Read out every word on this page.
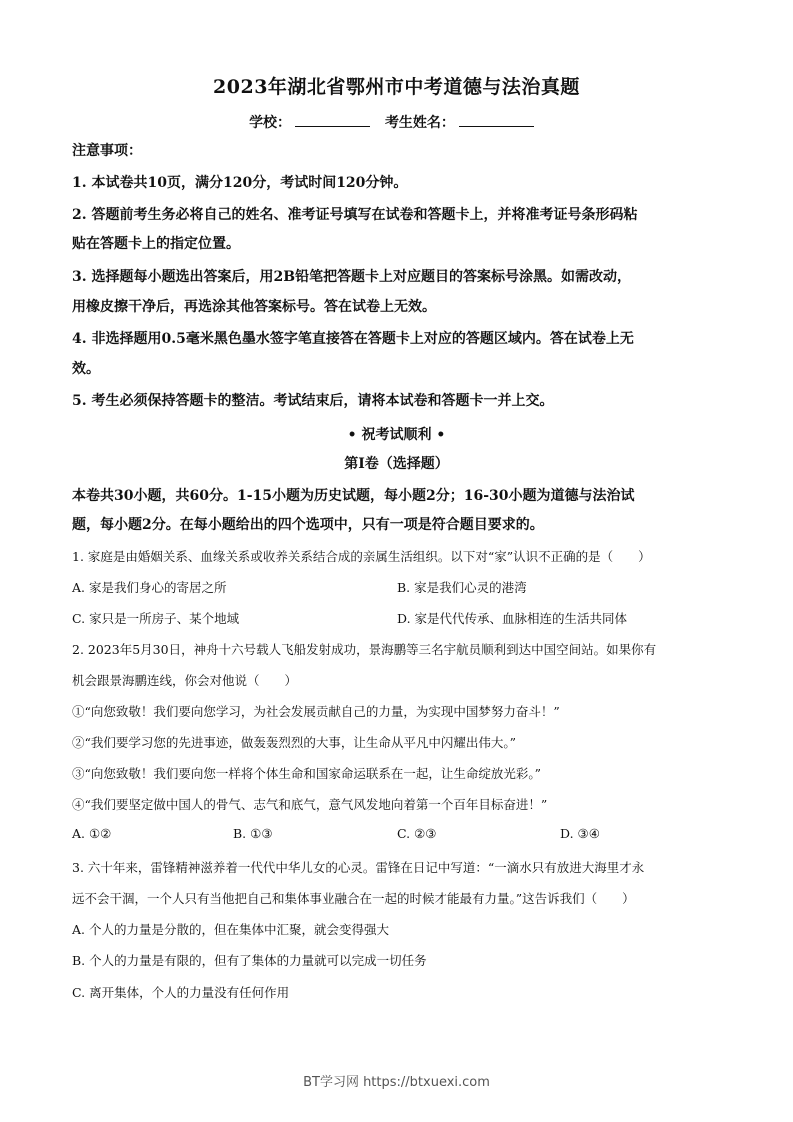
2023年湖北省鄂州市中考道德与法治真题
学校：	考生姓名：
注意事项：
1. 本试卷共10页，满分120分，考试时间120分钟。
2. 答题前考生务必将自己的姓名、准考证号填写在试卷和答题卡上，并将准考证号条形码粘
贴在答题卡上的指定位置。
3. 选择题每小题选出答案后，用2B铅笔把答题卡上对应题目的答案标号涂黑。如需改动，
用橡皮擦干净后，再选涂其他答案标号。答在试卷上无效。
4. 非选择题用0.5毫米黑色墨水签字笔直接答在答题卡上对应的答题区域内。答在试卷上无
效。
5. 考生必须保持答题卡的整洁。考试结束后，请将本试卷和答题卡一并上交。
• 祝考试顺利 •
第Ⅰ卷（选择题）
本卷共30小题，共60分。1-15小题为历史试题，每小题2分；16-30小题为道德与法治试
题，每小题2分。在每小题给出的四个选项中，只有一项是符合题目要求的。
1. 家庭是由婚姻关系、血缘关系或收养关系结合成的亲属生活组织。以下对“家”认识不正确的是（　　）
A. 家是我们身心的寄居之所	B. 家是我们心灵的港湾
C. 家只是一所房子、某个地域	D. 家是代代传承、血脉相连的生活共同体
2. 2023年5月30日，神舟十六号载人飞船发射成功，景海鹏等三名宇航员顺利到达中国空间站。如果你有
机会跟景海鹏连线，你会对他说（　　）
①“向您致敬！我们要向您学习，为社会发展贡献自己的力量，为实现中国梦努力奋斗！”
②“我们要学习您的先进事迹，做轰轰烈烈的大事，让生命从平凡中闪耀出伟大。”
③“向您致敬！我们要向您一样将个体生命和国家命运联系在一起，让生命绽放光彩。”
④“我们要坚定做中国人的骨气、志气和底气，意气风发地向着第一个百年目标奋进！”
A. ①②	B. ①③	C. ②③	D. ③④
3. 六十年来，雷锋精神滋养着一代代中华儿女的心灵。雷锋在日记中写道：“一滴水只有放进大海里才永
远不会干涸，一个人只有当他把自己和集体事业融合在一起的时候才能最有力量。”这告诉我们（　　）
A. 个人的力量是分散的，但在集体中汇聚，就会变得强大
B. 个人的力量是有限的，但有了集体的力量就可以完成一切任务
C. 离开集体，个人的力量没有任何作用
BT学习网 https://btxuexi.com
